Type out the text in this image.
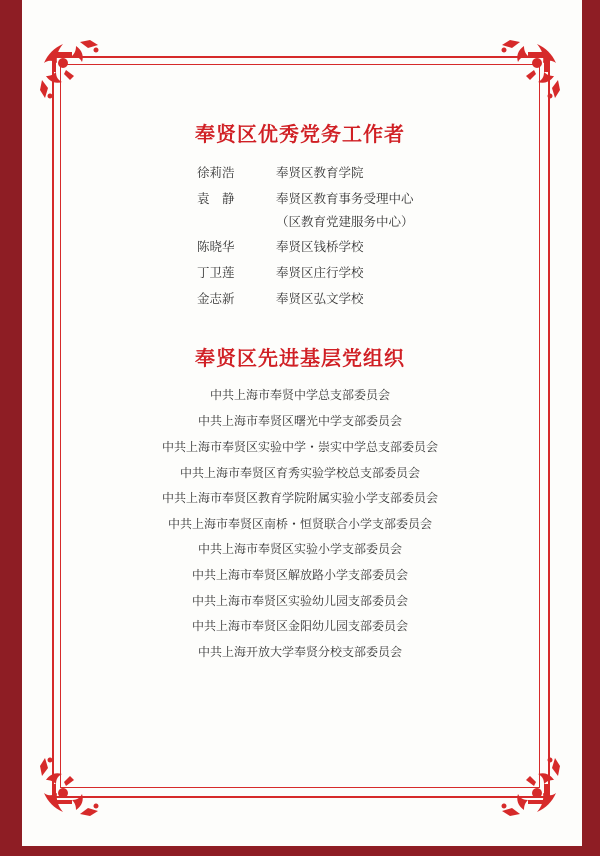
奉贤区优秀党务工作者
徐莉浩	奉贤区教育学院
袁　静	奉贤区教育事务受理中心
（区教育党建服务中心）
陈晓华	奉贤区钱桥学校
丁卫莲	奉贤区庄行学校
金志新	奉贤区弘文学校
奉贤区先进基层党组织
中共上海市奉贤中学总支部委员会
中共上海市奉贤区曙光中学支部委员会
中共上海市奉贤区实验中学・崇实中学总支部委员会
中共上海市奉贤区育秀实验学校总支部委员会
中共上海市奉贤区教育学院附属实验小学支部委员会
中共上海市奉贤区南桥・恒贤联合小学支部委员会
中共上海市奉贤区实验小学支部委员会
中共上海市奉贤区解放路小学支部委员会
中共上海市奉贤区实验幼儿园支部委员会
中共上海市奉贤区金阳幼儿园支部委员会
中共上海开放大学奉贤分校支部委员会
